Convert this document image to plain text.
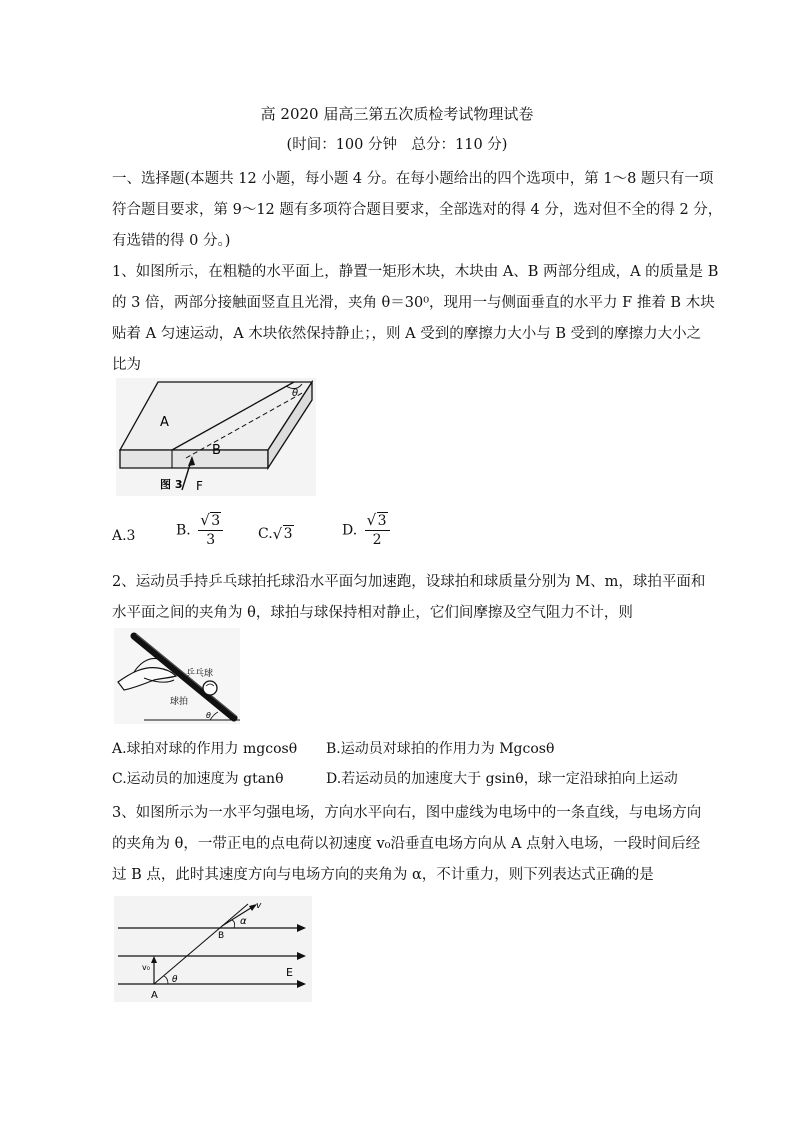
高 2020 届高三第五次质检考试物理试卷
(时间：100 分钟　总分：110 分)
一、选择题(本题共 12 小题，每小题 4 分。在每小题给出的四个选项中，第 1～8 题只有一项
符合题目要求，第 9～12 题有多项符合题目要求，全部选对的得 4 分，选对但不全的得 2 分，
有选错的得 0 分。)
1、如图所示，在粗糙的水平面上，静置一矩形木块，木块由 A、B 两部分组成，A 的质量是 B
的 3 倍，两部分接触面竖直且光滑，夹角 θ＝30⁰，现用一与侧面垂直的水平力 F 推着 B 木块
贴着 A 匀速运动，A 木块依然保持静止；，则 A 受到的摩擦力大小与 B 受到的摩擦力大小之
比为
θ
A
B
图 3 F
A.3	B. $\frac{√ 3}{3} C$. √ 3	D. $\frac{√ 3}{2}$
2、运动员手持乒乓球拍托球沿水平面匀加速跑，设球拍和球质量分别为 M、m，球拍平面和
水平面之间的夹角为 θ，球拍与球保持相对静止，它们间摩擦及空气阻力不计，则
乒乓球
球拍
θ
A.球拍对球的作用力 mgcosθ B.运动员对球拍的作用力为 Mgcosθ
C.运动员的加速度为 gtanθ	D.若运动员的加速度大于 gsinθ，球一定沿球拍向上运动
3、如图所示为一水平匀强电场，方向水平向右，图中虚线为电场中的一条直线，与电场方向
的夹角为 θ，一带正电的点电荷以初速度 v₀沿垂直电场方向从 A 点射入电场，一段时间后经
过 B 点，此时其速度方向与电场方向的夹角为 α，不计重力，则下列表达式正确的是
v
α
B
v₀
θ
E
A
